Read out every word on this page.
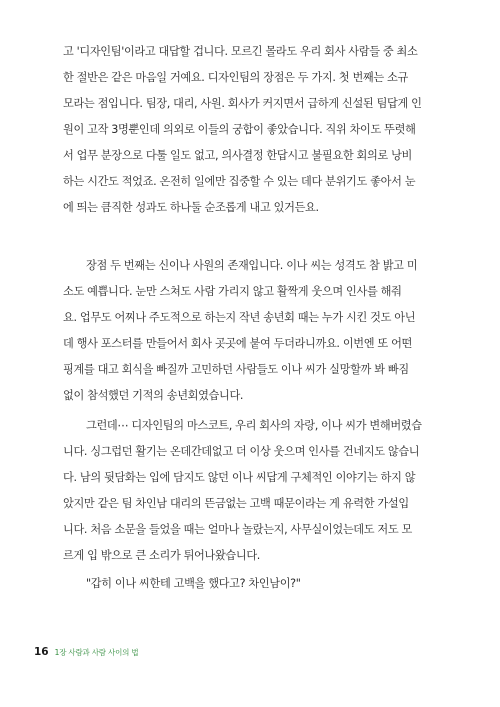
고 '디자인팀'이라고 대답할 겁니다. 모르긴 몰라도 우리 회사 사람들 중 최소

한 절반은 같은 마음일 거예요. 디자인팀의 장점은 두 가지. 첫 번째는 소규

모라는 점입니다. 팀장, 대리, 사원. 회사가 커지면서 급하게 신설된 팀답게 인

원이 고작 3명뿐인데 의외로 이들의 궁합이 좋았습니다. 직위 차이도 뚜렷해

서 업무 분장으로 다툴 일도 없고, 의사결정 한답시고 불필요한 회의로 낭비

하는 시간도 적었죠. 온전히 일에만 집중할 수 있는 데다 분위기도 좋아서 눈

에 띄는 큼직한 성과도 하나둘 순조롭게 내고 있거든요.

장점 두 번째는 신이나 사원의 존재입니다. 이나 씨는 성격도 참 밝고 미

소도 예쁩니다. 눈만 스쳐도 사람 가리지 않고 활짝게 웃으며 인사를 해줘

요. 업무도 어찌나 주도적으로 하는지 작년 송년회 때는 누가 시킨 것도 아닌

데 행사 포스터를 만들어서 회사 곳곳에 붙여 두더라니까요. 이번엔 또 어떤

핑계를 대고 회식을 빠질까 고민하던 사람들도 이나 씨가 실망할까 봐 빠짐

없이 참석했던 기적의 송년회였습니다.

그런데⋯ 디자인팀의 마스코트, 우리 회사의 자랑, 이나 씨가 변해버렸습

니다. 싱그럽던 활기는 온데간데없고 더 이상 웃으며 인사를 건네지도 않습니

다. 남의 뒷담화는 입에 담지도 않던 이나 씨답게 구체적인 이야기는 하지 않

았지만 같은 팀 차인남 대리의 뜬금없는 고백 때문이라는 게 유력한 가설입

니다. 처음 소문을 들었을 때는 얼마나 놀랐는지, 사무실이었는데도 저도 모

르게 입 밖으로 큰 소리가 튀어나왔습니다.

"갑히 이나 씨한테 고백을 했다고? 차인남이?"

16 1장 사람과 사람 사이의 법
